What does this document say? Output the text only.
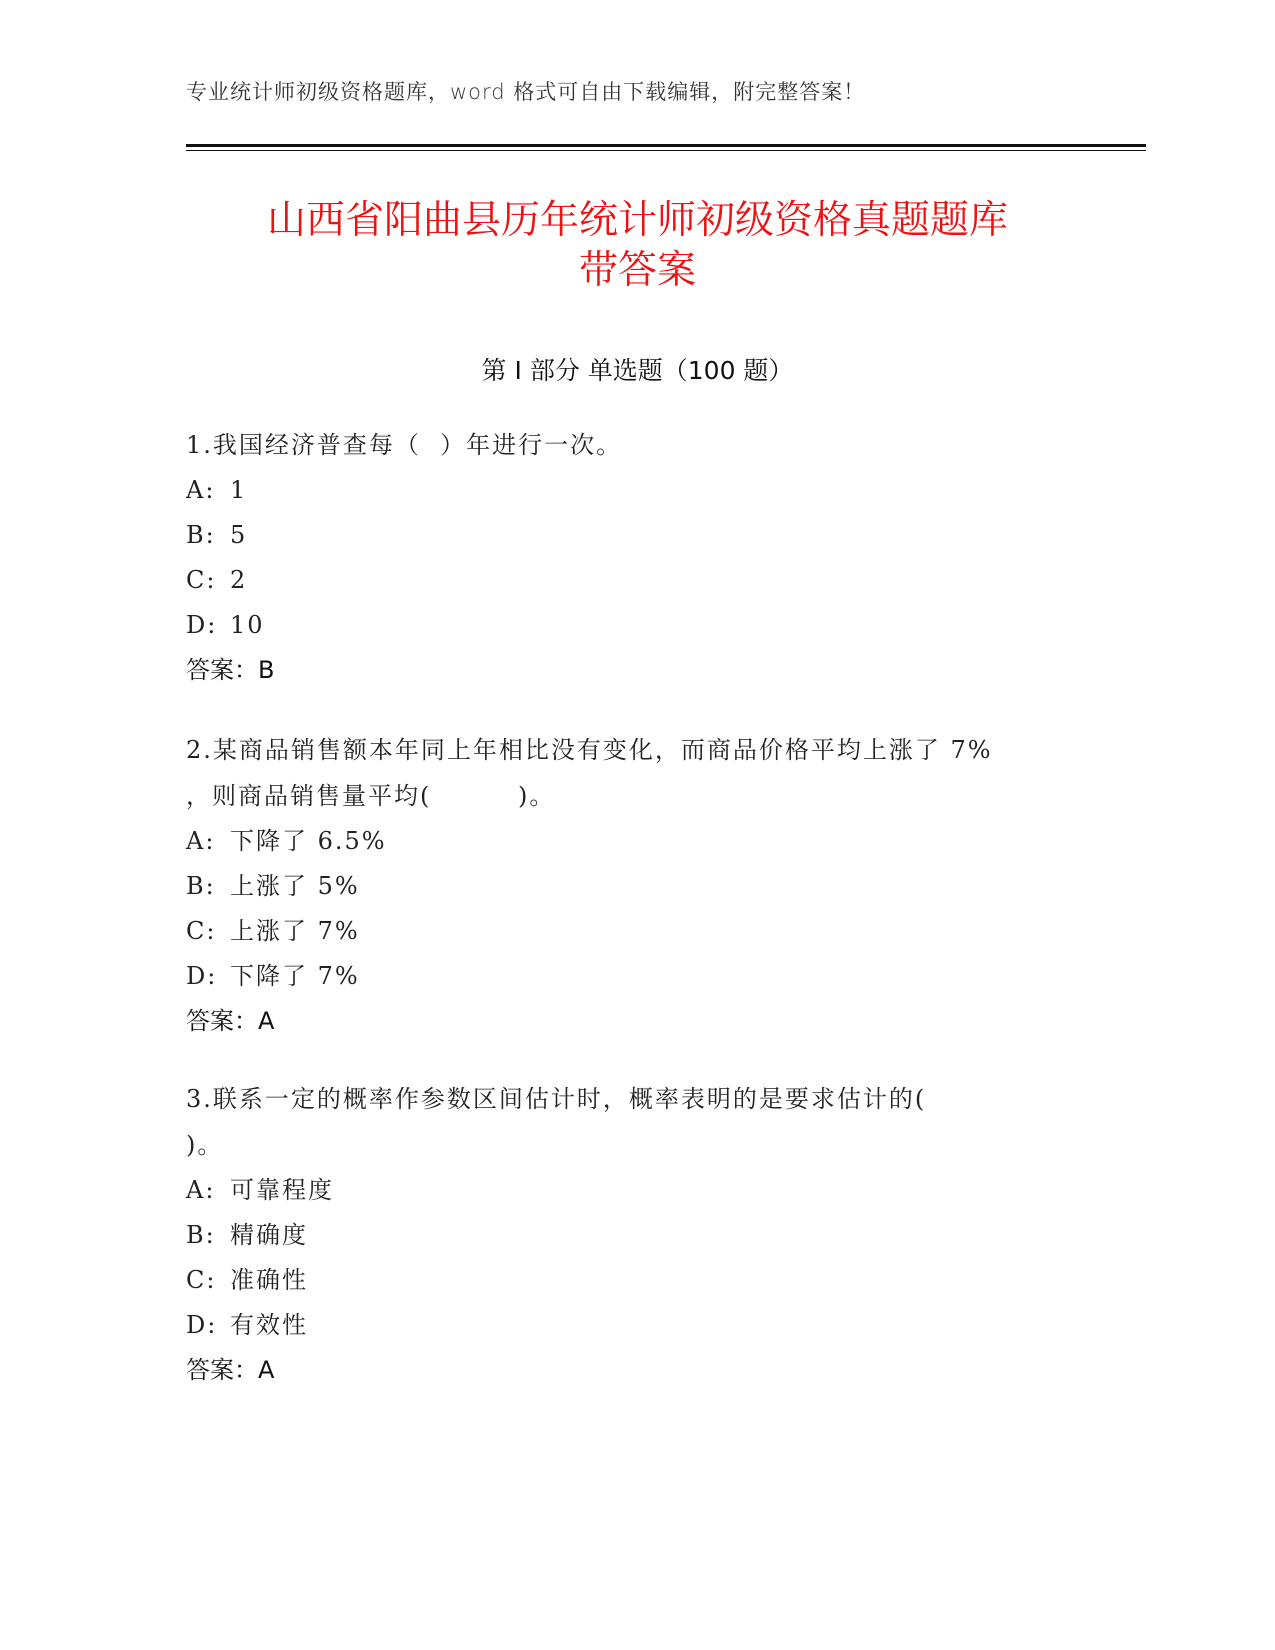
专业统计师初级资格题库，word 格式可自由下载编辑，附完整答案！
山西省阳曲县历年统计师初级资格真题题库
带答案
第 I 部分 单选题（100 题）
1.我国经济普查每（  ）年进行一次。
A: 1
B: 5
C: 2
D: 10
答案：B
2.某商品销售额本年同上年相比没有变化，而商品价格平均上涨了 7%
，则商品销售量平均(         )。
A: 下降了 6.5%
B: 上涨了 5%
C: 上涨了 7%
D: 下降了 7%
答案：A
3.联系一定的概率作参数区间估计时，概率表明的是要求估计的(
)。
A: 可靠程度
B: 精确度
C: 准确性
D: 有效性
答案：A
